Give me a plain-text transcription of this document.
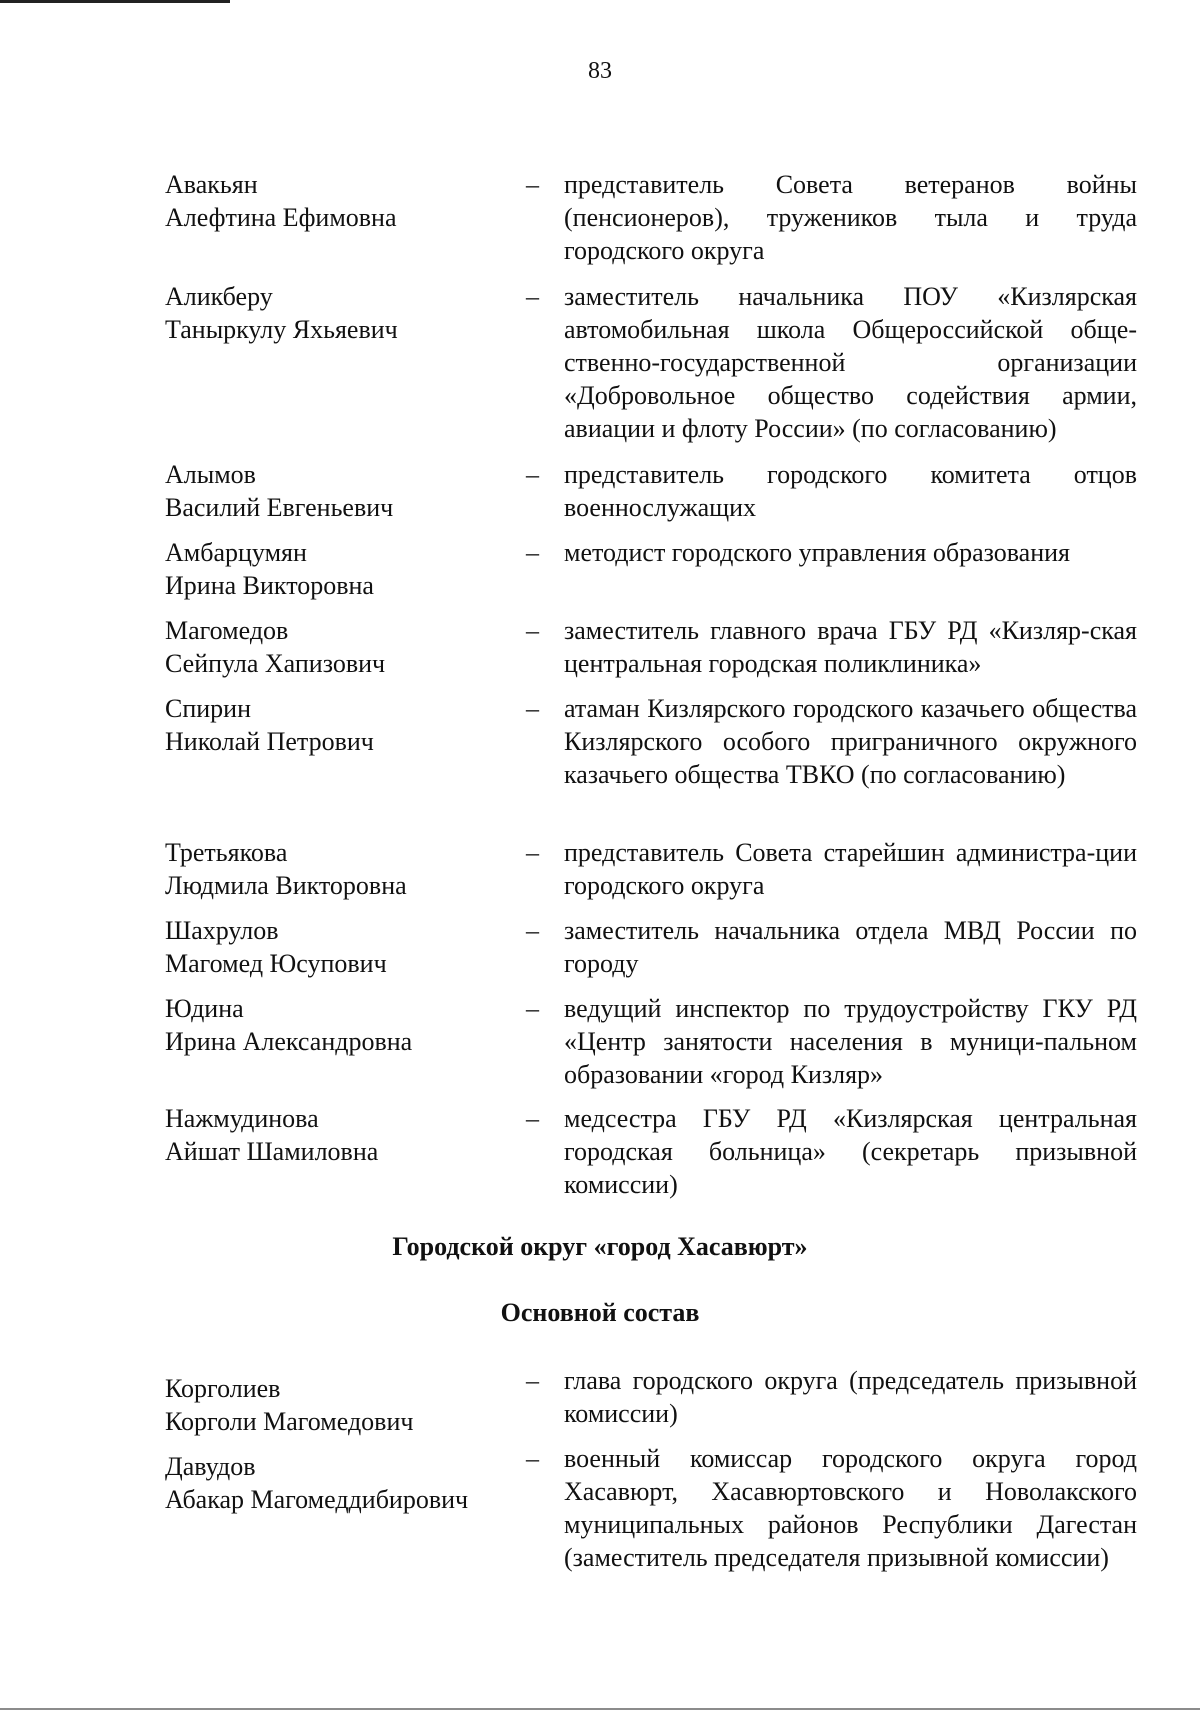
83
Авакьян
Алефтина Ефимовна
– представитель Совета ветеранов войны (пенсионеров), тружеников тыла и труда городского округа
Аликберу
Таныркулу Яхьяевич
– заместитель начальника ПОУ «Кизлярская автомобильная школа Общероссийской обще-ственно-государственной организации «Добровольное общество содействия армии, авиации и флоту России» (по согласованию)
Алымов
Василий Евгеньевич
– представитель городского комитета отцов военнослужащих
Амбарцумян
Ирина Викторовна
– методист городского управления образования
Магомедов
Сейпула Хапизович
– заместитель главного врача ГБУ РД «Кизляр-ская центральная городская поликлиника»
Спирин
Николай Петрович
– атаман Кизлярского городского казачьего общества Кизлярского особого приграничного окружного казачьего общества ТВКО (по согласованию)
Третьякова
Людмила Викторовна
– представитель Совета старейшин администра-ции городского округа
Шахрулов
Магомед Юсупович
– заместитель начальника отдела МВД России по городу
Юдина
Ирина Александровна
– ведущий инспектор по трудоустройству ГКУ РД «Центр занятости населения в муници-пальном образовании «город Кизляр»
Нажмудинова
Айшат Шамиловна
– медсестра ГБУ РД «Кизлярская центральная городская больница» (секретарь призывной комиссии)
Городской округ «город Хасавюрт»
Основной состав
Корголиев
Корголи Магомедович
– глава городского округа (председатель призывной комиссии)
Давудов
Абакар Магомеддибирович
– военный комиссар городского округа город Хасавюрт, Хасавюртовского и Новолакского муниципальных районов Республики Дагестан (заместитель председателя призывной комиссии)
